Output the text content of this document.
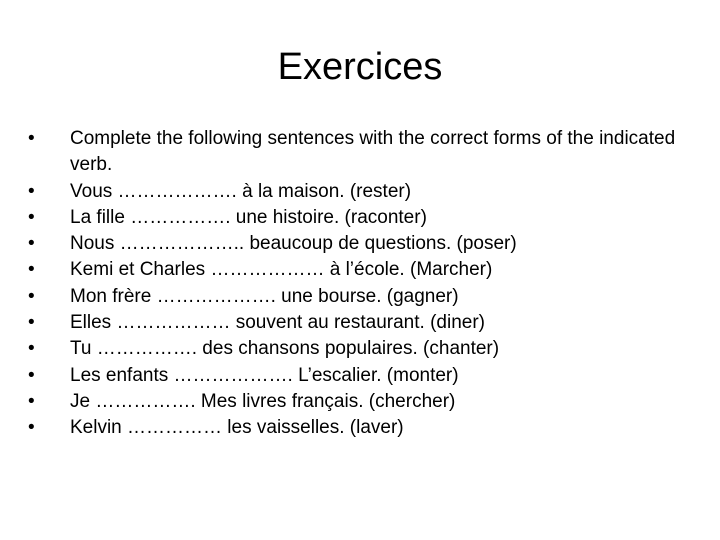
Exercices
•	Complete the following sentences with the correct forms of the indicated verb.
•	Vous ………………. à la maison. (rester)
•	La fille ……………. une histoire. (raconter)
•	Nous ……………….. beaucoup de questions. (poser)
•	Kemi et Charles ……………… à l’école. (Marcher)
•	Mon frère ………………. une bourse. (gagner)
•	Elles ……………… souvent au restaurant. (diner)
•	Tu ……………. des chansons populaires. (chanter)
•	Les enfants ………………. L’escalier. (monter)
•	Je ……………. Mes livres français. (chercher)
•	Kelvin …………… les vaisselles. (laver)
